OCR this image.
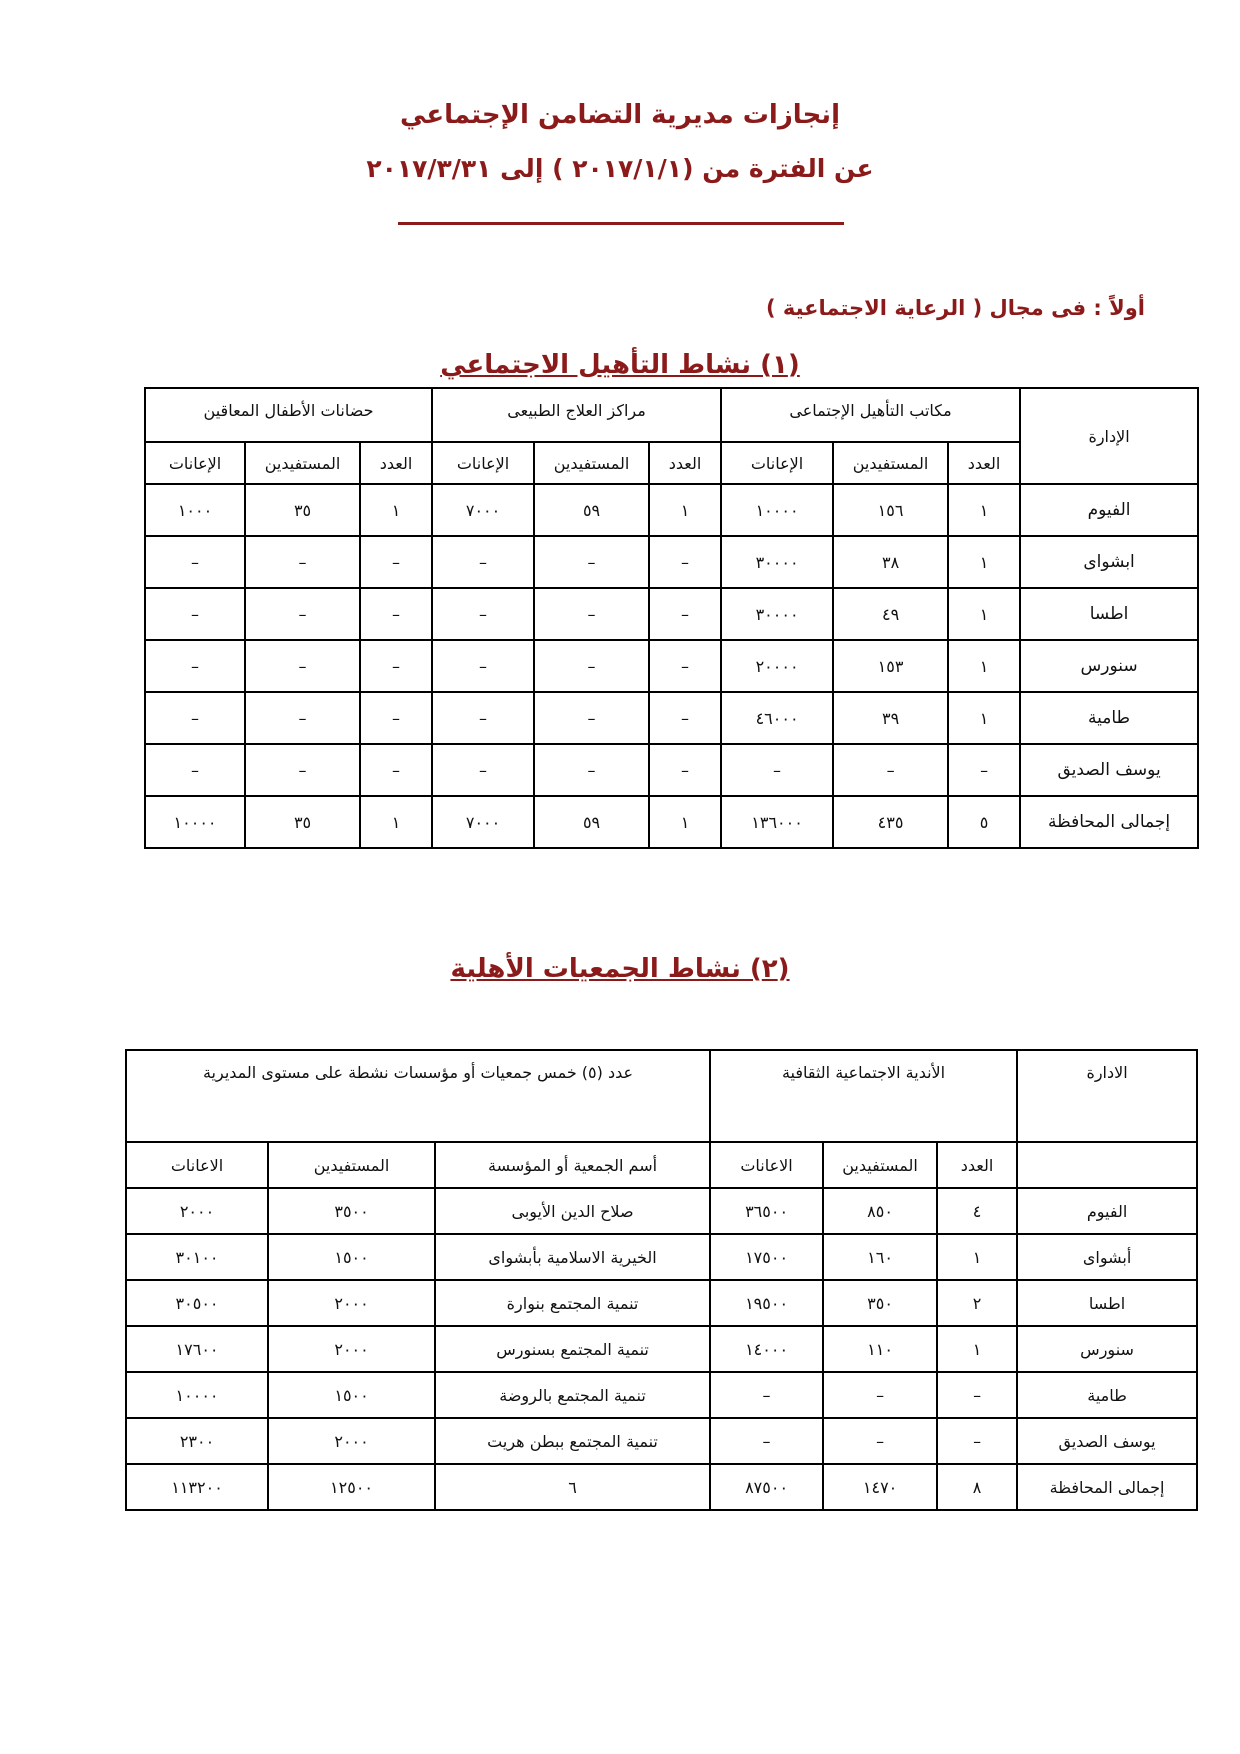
إنجازات مديرية التضامن الإجتماعي
عن الفترة من (٢٠١٧/١/١ ) إلى ٢٠١٧/٣/٣١
أولاً : فى مجال ( الرعاية الاجتماعية )
(١) نشاط التأهيل الاجتماعي
الإدارة	مكاتب التأهيل الإجتماعى			مراكز العلاج الطبيعى			حضانات الأطفال المعاقين		
	العدد	المستفيدين	الإعانات	العدد	المستفيدين	الإعانات	العدد	المستفيدين	الإعانات
الفيوم	١	١٥٦	١٠٠٠٠	١	٥٩	٧٠٠٠	١	٣٥	١٠٠٠
ابشواى	١	٣٨	٣٠٠٠٠	–	–	–	–	–	–
اطسا	١	٤٩	٣٠٠٠٠	–	–	–	–	–	–
سنورس	١	١٥٣	٢٠٠٠٠	–	–	–	–	–	–
طامية	١	٣٩	٤٦٠٠٠	–	–	–	–	–	–
يوسف الصديق	–	–	–	–	–	–	–	–	–
إجمالى المحافظة	٥	٤٣٥	١٣٦٠٠٠	١	٥٩	٧٠٠٠	١	٣٥	١٠٠٠٠
(٢) نشاط الجمعيات الأهلية
الادارة	الأندية الاجتماعية الثقافية			عدد (٥) خمس جمعيات أو مؤسسات نشطة على مستوى المديرية		
	العدد	المستفيدين	الاعانات	أسم الجمعية أو المؤسسة	المستفيدين	الاعانات
الفيوم	٤	٨٥٠	٣٦٥٠٠	صلاح الدين الأيوبى	٣٥٠٠	٢٠٠٠
أبشواى	١	١٦٠	١٧٥٠٠	الخيرية الاسلامية بأبشواى	١٥٠٠	٣٠١٠٠
اطسا	٢	٣٥٠	١٩٥٠٠	تنمية المجتمع بنوارة	٢٠٠٠	٣٠٥٠٠
سنورس	١	١١٠	١٤٠٠٠	تنمية المجتمع بسنورس	٢٠٠٠	١٧٦٠٠
طامية	–	–	–	تنمية المجتمع بالروضة	١٥٠٠	١٠٠٠٠
يوسف الصديق	–	–	–	تنمية المجتمع ببطن هريت	٢٠٠٠	٢٣٠٠
إجمالى المحافظة	٨	١٤٧٠	٨٧٥٠٠	٦	١٢٥٠٠	١١٣٢٠٠
